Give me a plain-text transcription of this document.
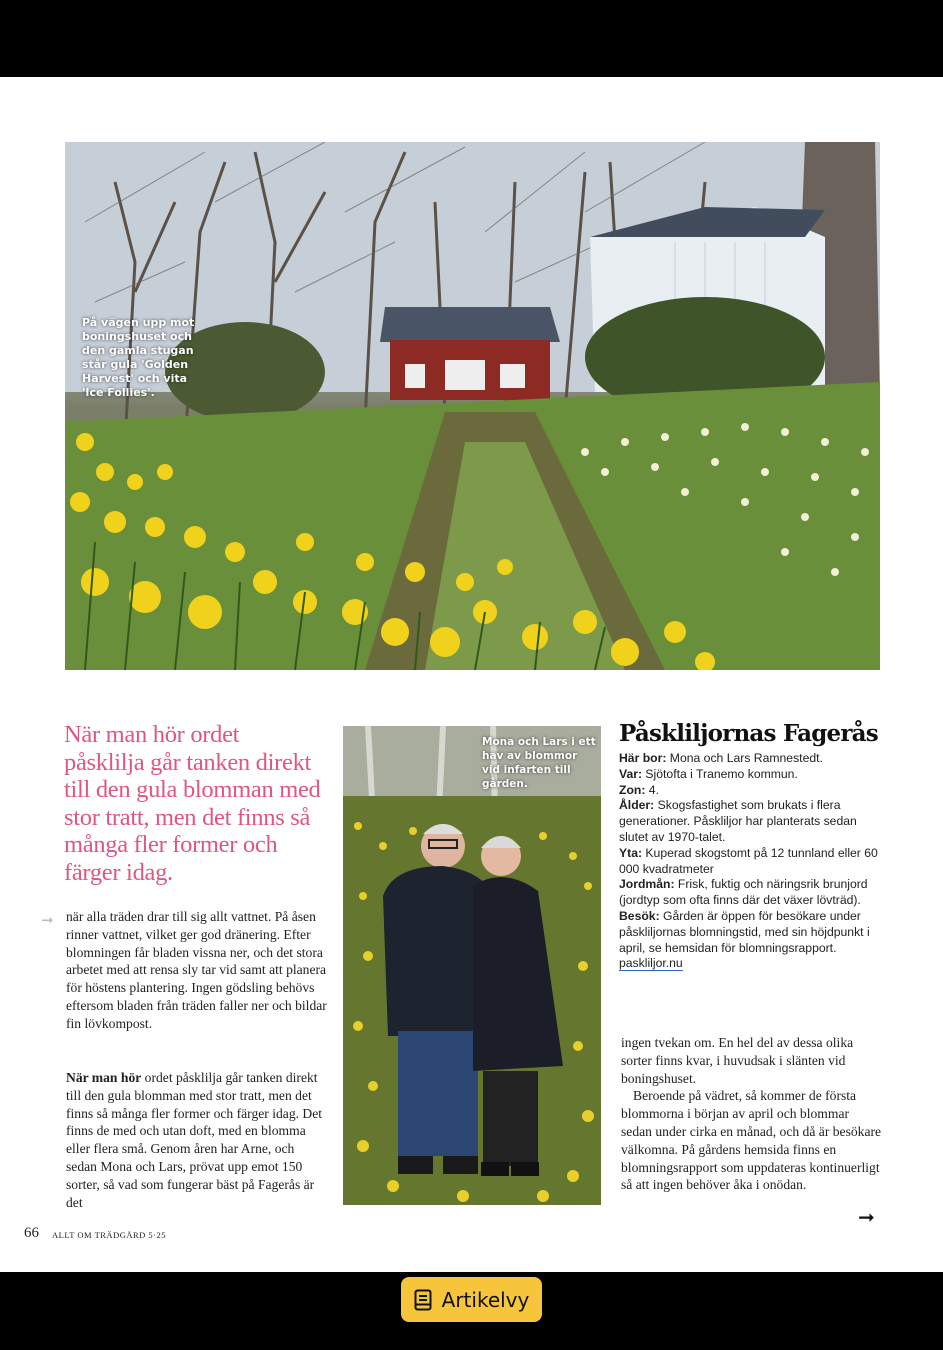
På vägen upp mot boningshuset och den gamla stugan står gula 'Golden Harvest' och vita 'Ice Follies'.
När man hör ordet påsklilja går tanken direkt till den gula blomman med stor tratt, men det finns så många fler former och färger idag.
➞ när alla träden drar till sig allt vattnet. På åsen rinner vattnet, vilket ger god dränering. Efter blomningen får bladen vissna ner, och det stora arbetet med att rensa sly tar vid samt att planera för höstens plantering. Ingen gödsling behövs eftersom bladen från träden faller ner och bildar fin lövkompost.
När man hör ordet påsklilja går tanken direkt till den gula blomman med stor tratt, men det finns så många fler former och färger idag. Det finns de med och utan doft, med en blomma eller flera små. Genom åren har Arne, och sedan Mona och Lars, prövat upp emot 150 sorter, så vad som fungerar bäst på Fagerås är det
Mona och Lars i ett hav av blommor vid infarten till gården.
Påskliljornas Fagerås
Här bor: Mona och Lars Ramnestedt.
Var: Sjötofta i Tranemo kommun.
Zon: 4.
Ålder: Skogsfastighet som brukats i flera generationer. Påskliljor har planterats sedan slutet av 1970-talet.
Yta: Kuperad skogstomt på 12 tunnland eller 60 000 kvadratmeter
Jordmån: Frisk, fuktig och näringsrik brunjord (jordtyp som ofta finns där det växer lövträd).
Besök: Gården är öppen för besökare under påskliljornas blomningstid, med sin höjdpunkt i april, se hemsidan för blomningsrapport.
paskliljor.nu

ingen tvekan om. En hel del av dessa olika sorter finns kvar, i huvudsak i slänten vid boningshuset.

Beroende på vädret, så kommer de första blommorna i början av april och blommar sedan under cirka en månad, och då är besökare välkomna. På gårdens hemsida finns en blomningsrapport som uppdateras kontinuerligt så att ingen behöver åka i onödan.

➞
66 ALLT OM TRÄDGÅRD 5·25
Artikelvy
